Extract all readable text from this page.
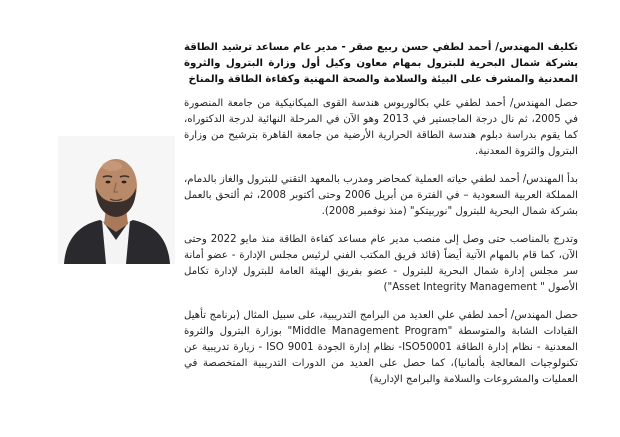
تكليف المهندس/ أحمد لطفي حسن ربيع صقر - مدير عام مساعد ترشيد الطاقة بشركة شمال البحرية للبترول بمهام معاون وكيل أول وزارة البترول والثروة المعدنية والمشرف على البيئة والسلامة والصحة المهنية وكفاءة الطاقة والمناخ

حصل المهندس/ أحمد لطفي علي بكالوريوس هندسة القوى الميكانيكية من جامعة المنصورة في 2005، ثم نال درجة الماجستير في 2013 وهو الآن في المرحلة النهائية لدرجة الدكتوراه، كما يقوم بدراسة دبلوم هندسة الطاقة الحرارية الأرضية من جامعة القاهرة بترشيح من وزارة البترول والثروة المعدنية.

بدأ المهندس/ أحمد لطفي حياته العملية كمحاضر ومدرب بالمعهد التقني للبترول والغاز بالدمام، المملكة العربية السعودية – في الفترة من أبريل 2006 وحتى أكتوبر 2008، ثم ألتحق بالعمل بشركة شمال البحرية للبترول "نوربيتكو" (منذ نوفمبر 2008).

وتدرج بالمناصب حتى وصل إلى منصب مدير عام مساعد كفاءة الطاقة منذ مايو 2022 وحتى الآن، كما قام بالمهام الآتية أيضاً (قائد فريق المكتب الفني لرئيس مجلس الإدارة - عضو أمانة سر مجلس إدارة شمال البحرية للبترول - عضو بفريق الهيئة العامة للبترول لإدارة تكامل الأصول " Asset Integrity Management")

حصل المهندس/ أحمد لطفي علي العديد من البرامج التدريبية، على سبيل المثال (برنامج تأهيل القيادات الشابة والمتوسطة "Middle Management Program" بوزارة البترول والثروة المعدنية - نظام إدارة الطاقة ISO50001- نظام إدارة الجودة ISO 9001 - زيارة تدريبية عن تكنولوجيات المعالجة بألمانيا)، كما حصل على العديد من الدورات التدريبية المتخصصة في العمليات والمشروعات والسلامة والبرامج الإدارية)
